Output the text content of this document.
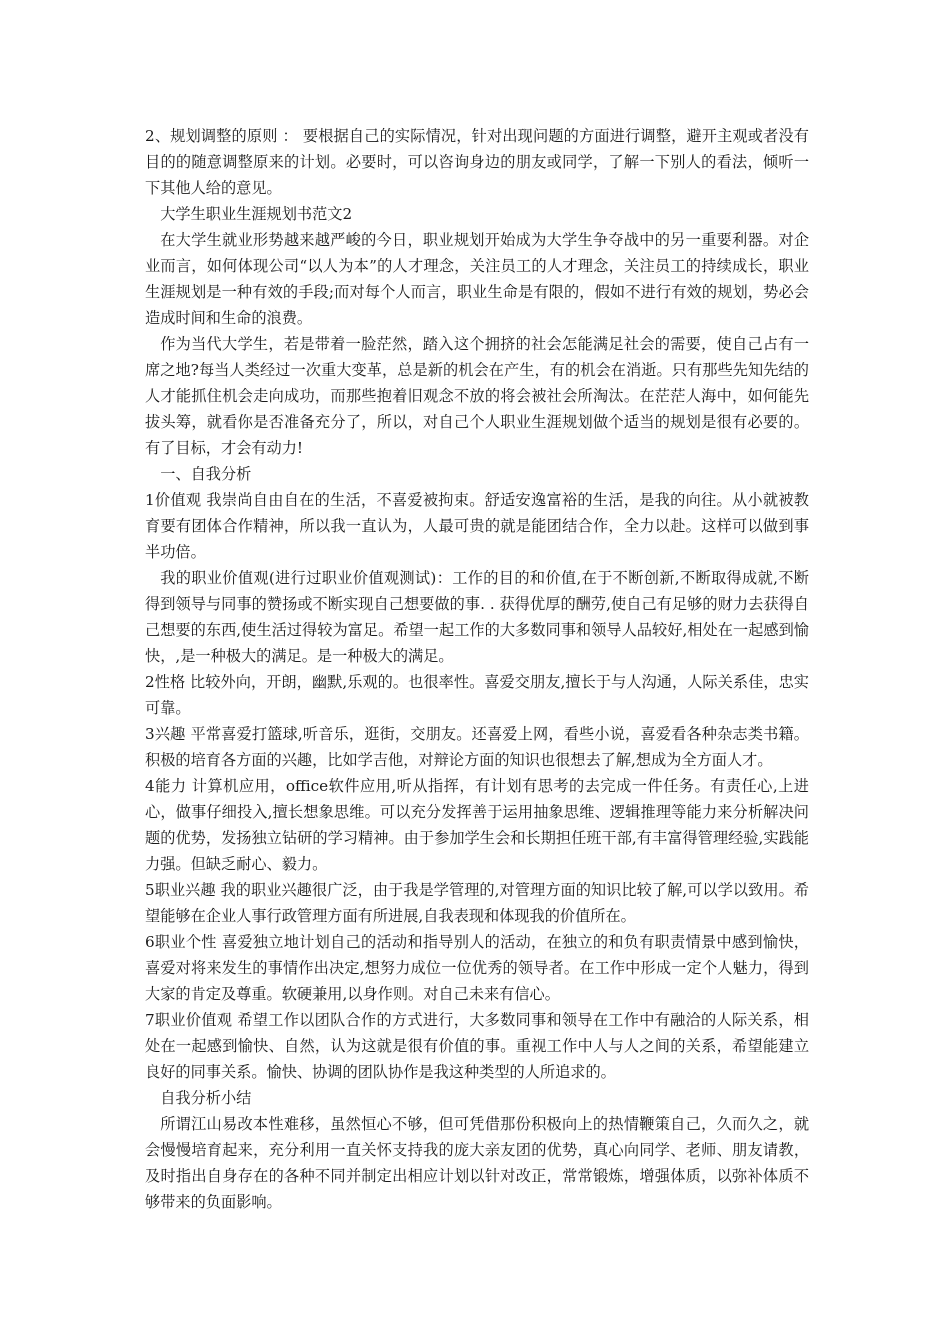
2、规划调整的原则 ： 要根据自己的实际情况，针对出现问题的方面进行调整，避开主观或者没有目的的随意调整原来的计划。必要时，可以咨询身边的朋友或同学，了解一下别人的看法，倾听一下其他人给的意见。

大学生职业生涯规划书范文2

在大学生就业形势越来越严峻的今日，职业规划开始成为大学生争夺战中的另一重要利器。对企业而言，如何体现公司“以人为本”的人才理念，关注员工的人才理念，关注员工的持续成长，职业生涯规划是一种有效的手段;而对每个人而言，职业生命是有限的，假如不进行有效的规划，势必会造成时间和生命的浪费。

作为当代大学生，若是带着一脸茫然，踏入这个拥挤的社会怎能满足社会的需要，使自己占有一席之地?每当人类经过一次重大变革，总是新的机会在产生，有的机会在消逝。只有那些先知先结的人才能抓住机会走向成功，而那些抱着旧观念不放的将会被社会所淘汰。在茫茫人海中，如何能先拔头筹，就看你是否准备充分了，所以，对自己个人职业生涯规划做个适当的规划是很有必要的。有了目标，才会有动力!

一、自我分析

1价值观 我崇尚自由自在的生活，不喜爱被拘束。舒适安逸富裕的生活，是我的向往。从小就被教育要有团体合作精神，所以我一直认为，人最可贵的就是能团结合作，全力以赴。这样可以做到事半功倍。

我的职业价值观(进行过职业价值观测试)：工作的目的和价值,在于不断创新,不断取得成就,不断得到领导与同事的赞扬或不断实现自己想要做的事. . 获得优厚的酬劳,使自己有足够的财力去获得自己想要的东西,使生活过得较为富足。希望一起工作的大多数同事和领导人品较好,相处在一起感到愉快，,是一种极大的满足。是一种极大的满足。

2性格 比较外向，开朗，幽默,乐观的。也很率性。喜爱交朋友,擅长于与人沟通，人际关系佳，忠实可靠。

3兴趣 平常喜爱打篮球,听音乐，逛街，交朋友。还喜爱上网，看些小说，喜爱看各种杂志类书籍。积极的培育各方面的兴趣，比如学吉他，对辩论方面的知识也很想去了解,想成为全方面人才。

4能力 计算机应用，office软件应用,听从指挥，有计划有思考的去完成一件任务。有责任心,上进心，做事仔细投入,擅长想象思维。可以充分发挥善于运用抽象思维、逻辑推理等能力来分析解决问题的优势，发扬独立钻研的学习精神。由于参加学生会和长期担任班干部,有丰富得管理经验,实践能力强。但缺乏耐心、毅力。

5职业兴趣 我的职业兴趣很广泛，由于我是学管理的,对管理方面的知识比较了解,可以学以致用。希望能够在企业人事行政管理方面有所进展,自我表现和体现我的价值所在。

6职业个性 喜爱独立地计划自己的活动和指导别人的活动，在独立的和负有职责情景中感到愉快，喜爱对将来发生的事情作出决定,想努力成位一位优秀的领导者。在工作中形成一定个人魅力，得到大家的肯定及尊重。软硬兼用,以身作则。对自己未来有信心。

7职业价值观 希望工作以团队合作的方式进行，大多数同事和领导在工作中有融洽的人际关系，相处在一起感到愉快、自然，认为这就是很有价值的事。重视工作中人与人之间的关系，希望能建立良好的同事关系。愉快、协调的团队协作是我这种类型的人所追求的。

自我分析小结

所谓江山易改本性难移，虽然恒心不够，但可凭借那份积极向上的热情鞭策自己，久而久之，就会慢慢培育起来，充分利用一直关怀支持我的庞大亲友团的优势，真心向同学、老师、朋友请教，及时指出自身存在的各种不同并制定出相应计划以针对改正，常常锻炼，增强体质，以弥补体质不够带来的负面影响。
